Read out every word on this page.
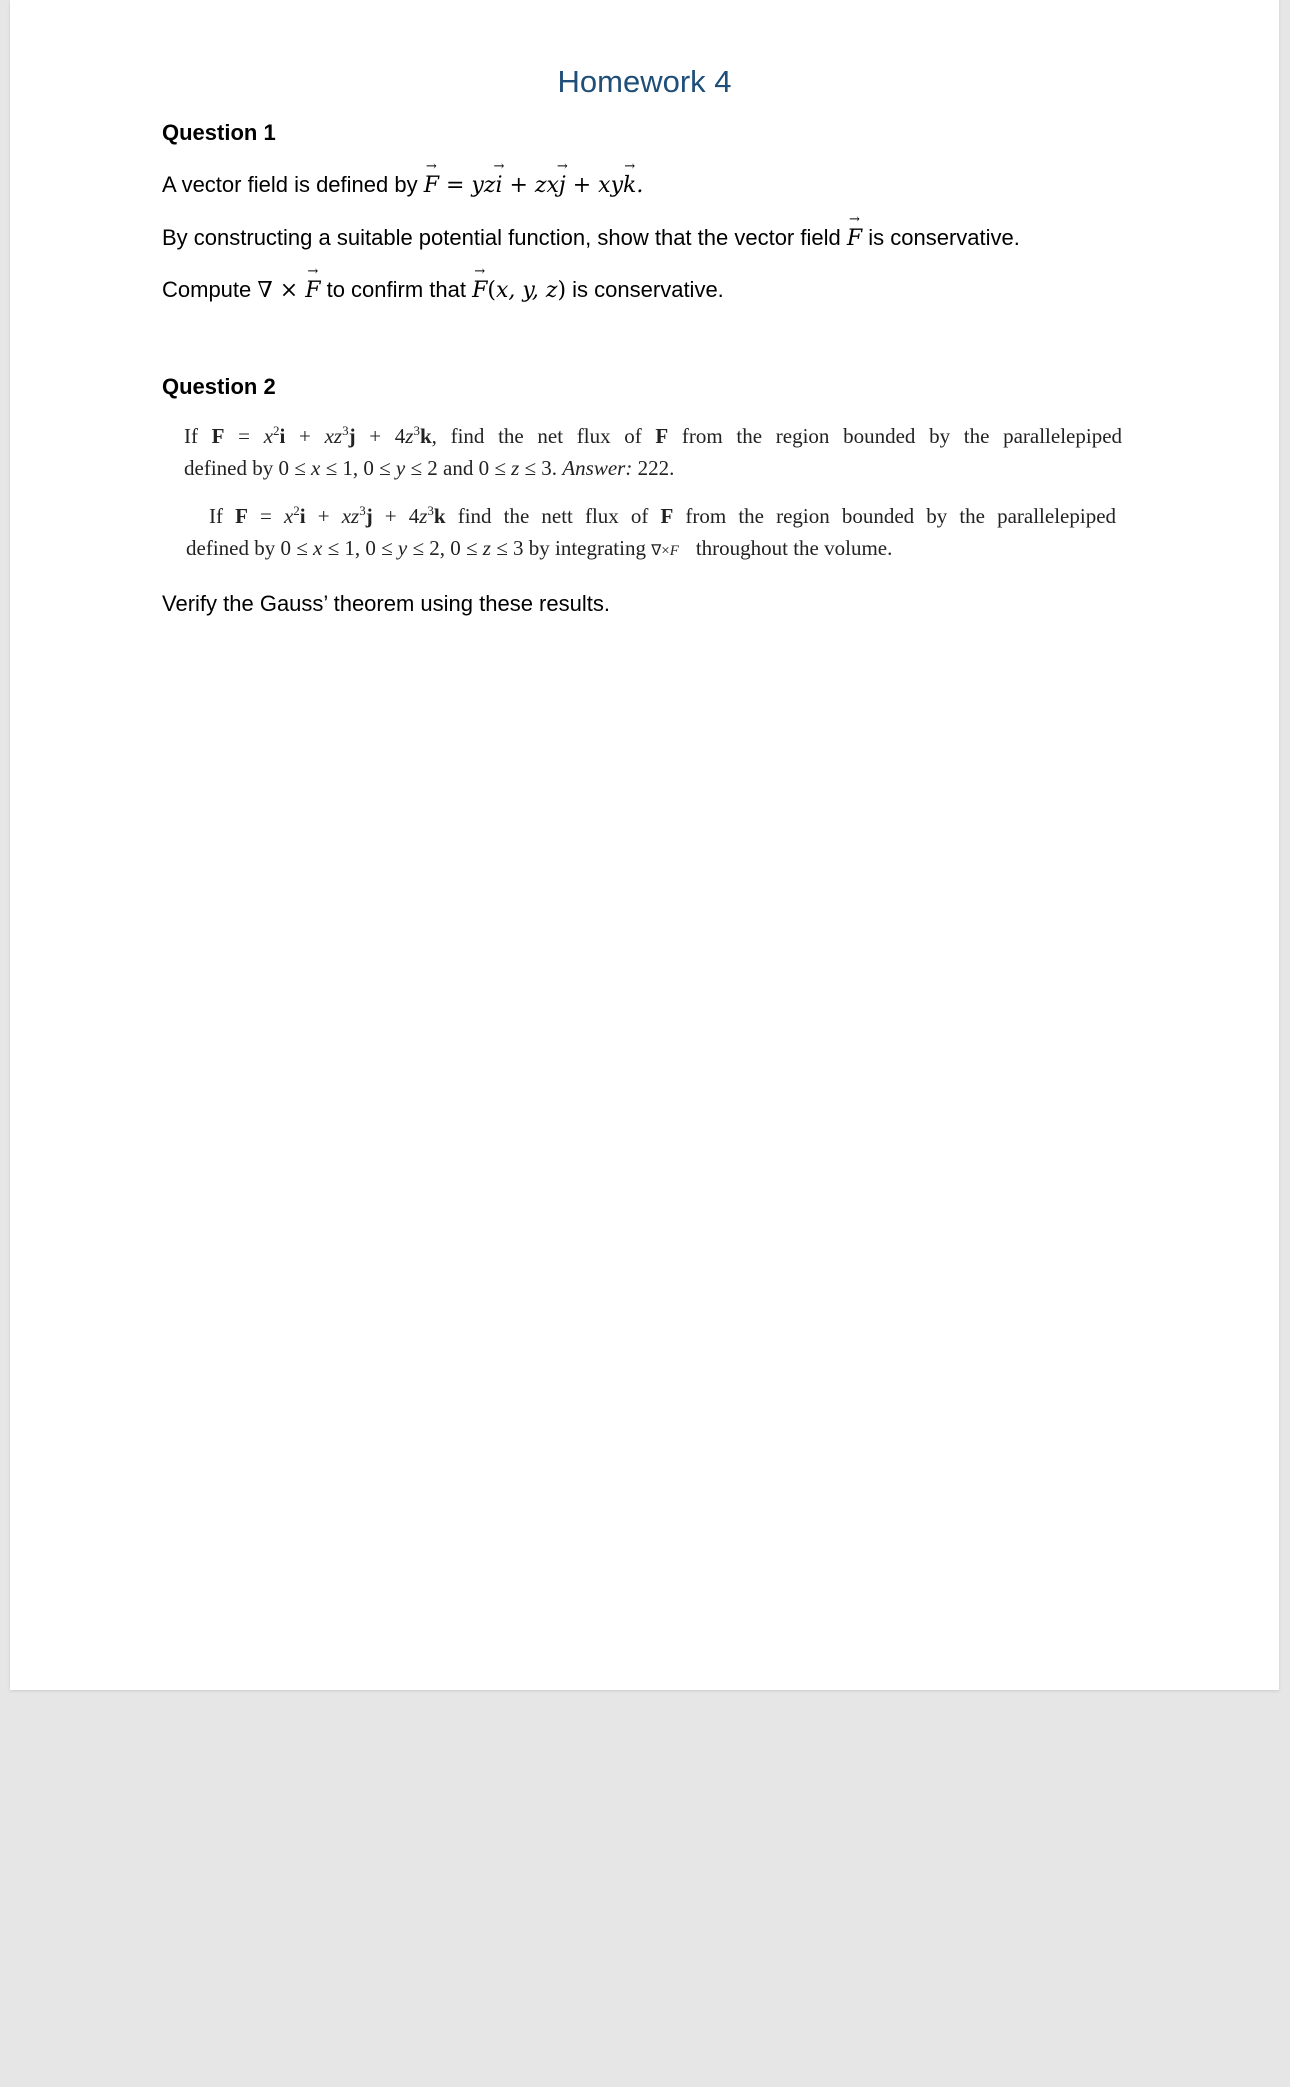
Homework 4
Question 1
A vector field is defined by F → = yzi → + zxj → + xyk →.
By constructing a suitable potential function, show that the vector field F → is conservative.
Compute ∇ × F → to confirm that F →(x, y, z) is conservative.
Question 2
If $F = x^2i + xz^3j + 4z^3k$, find the net flux of F from the region bounded by the parallelepiped
defined by 0 ≤ x ≤ 1, 0 ≤ y ≤ 2 and 0 ≤ z ≤ 3. Answer: 222.
If $F = x^2i + xz^3j + 4z^3k$ find the nett flux of F from the region bounded by the parallelepiped
defined by 0 ≤ x ≤ 1, 0 ≤ y ≤ 2, 0 ≤ z ≤ 3 by integrating ∇×F⃗ throughout the volume.
Verify the Gauss’ theorem using these results.
